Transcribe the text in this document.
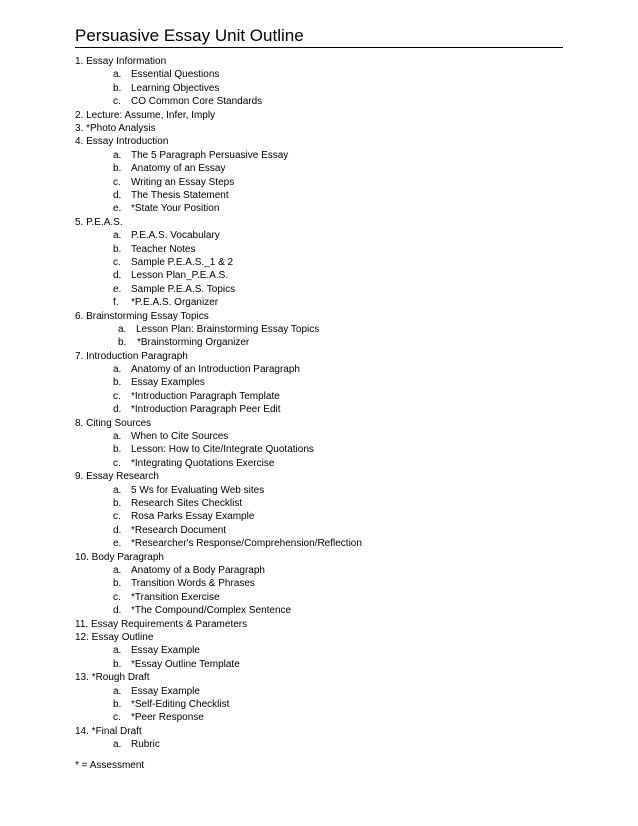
Persuasive Essay Unit Outline
1. Essay Information
a. Essential Questions
b. Learning Objectives
c.	CO Common Core Standards
2. Lecture: Assume, Infer, Imply
3. *Photo Analysis
4. Essay Introduction
a. The 5 Paragraph Persuasive Essay
b. Anatomy of an Essay
c.	Writing an Essay Steps
d. The Thesis Statement
e. *State Your Position
5. P.E.A.S.
a. P.E.A.S. Vocabulary
b. Teacher Notes
c.	Sample P.E.A.S._1 & 2
d. Lesson Plan_P.E.A.S.
e. Sample P.E.A.S. Topics
f.	*P.E.A.S. Organizer
6. Brainstorming Essay Topics
a. Lesson Plan: Brainstorming Essay Topics
b.	*Brainstorming Organizer
7. Introduction Paragraph
a. Anatomy of an Introduction Paragraph
b. Essay Examples
c.	*Introduction Paragraph Template
d. *Introduction Paragraph Peer Edit
8. Citing Sources
a. When to Cite Sources
b. Lesson: How to Cite/Integrate Quotations
c.	*Integrating Quotations Exercise
9. Essay Research
a. 5 Ws for Evaluating Web sites
b. Research Sites Checklist
c.	Rosa Parks Essay Example
d. *Research Document
e. *Researcher's Response/Comprehension/Reflection
10. Body Paragraph
a. Anatomy of a Body Paragraph
b. Transition Words & Phrases
c.	*Transition Exercise
d. *The Compound/Complex Sentence
11. Essay Requirements & Parameters
12. Essay Outline
a. Essay Example
b. *Essay Outline Template
13. *Rough Draft
a. Essay Example
b. *Self-Editing Checklist
c.	*Peer Response
14. *Final Draft
a. Rubric
* = Assessment
